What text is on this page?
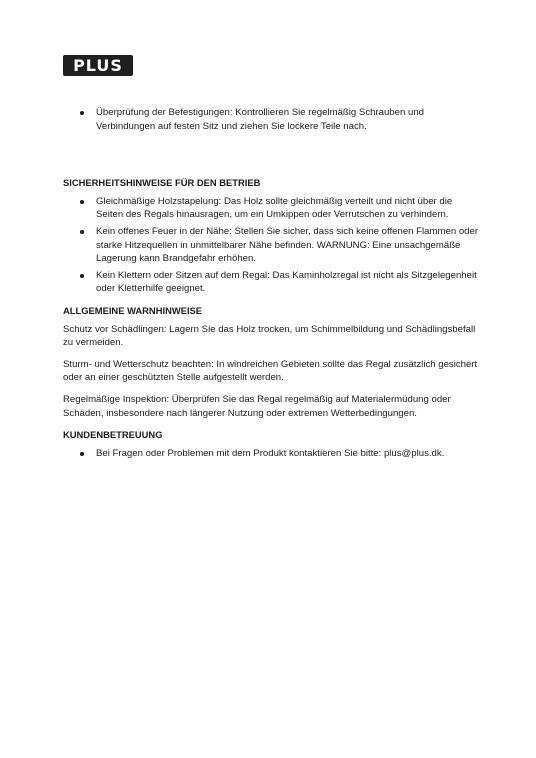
PLUS
Überprüfung der Befestigungen: Kontrollieren Sie regelmäßig Schrauben und Verbindungen auf festen Sitz und ziehen Sie lockere Teile nach.
SICHERHEITSHINWEISE FÜR DEN BETRIEB
Gleichmäßige Holzstapelung: Das Holz sollte gleichmäßig verteilt und nicht über die Seiten des Regals hinausragen, um ein Umkippen oder Verrutschen zu verhindern.
Kein offenes Feuer in der Nähe: Stellen Sie sicher, dass sich keine offenen Flammen oder starke Hitzequellen in unmittelbarer Nähe befinden. WARNUNG: Eine unsachgemäße Lagerung kann Brandgefahr erhöhen.
Kein Klettern oder Sitzen auf dem Regal: Das Kaminholzregal ist nicht als Sitzgelegenheit oder Kletterhilfe geeignet.
ALLGEMEINE WARNHINWEISE

Schutz vor Schädlingen: Lagern Sie das Holz trocken, um Schimmelbildung und Schädlingsbefall zu vermeiden.

Sturm- und Wetterschutz beachten: In windreichen Gebieten sollte das Regal zusätzlich gesichert oder an einer geschützten Stelle aufgestellt werden.

Regelmäßige Inspektion: Überprüfen Sie das Regal regelmäßig auf Materialermüdung oder Schäden, insbesondere nach längerer Nutzung oder extremen Wetterbedingungen.

KUNDENBETREUUNG
Bei Fragen oder Problemen mit dem Produkt kontaktieren Sie bitte: plus@plus.dk.
